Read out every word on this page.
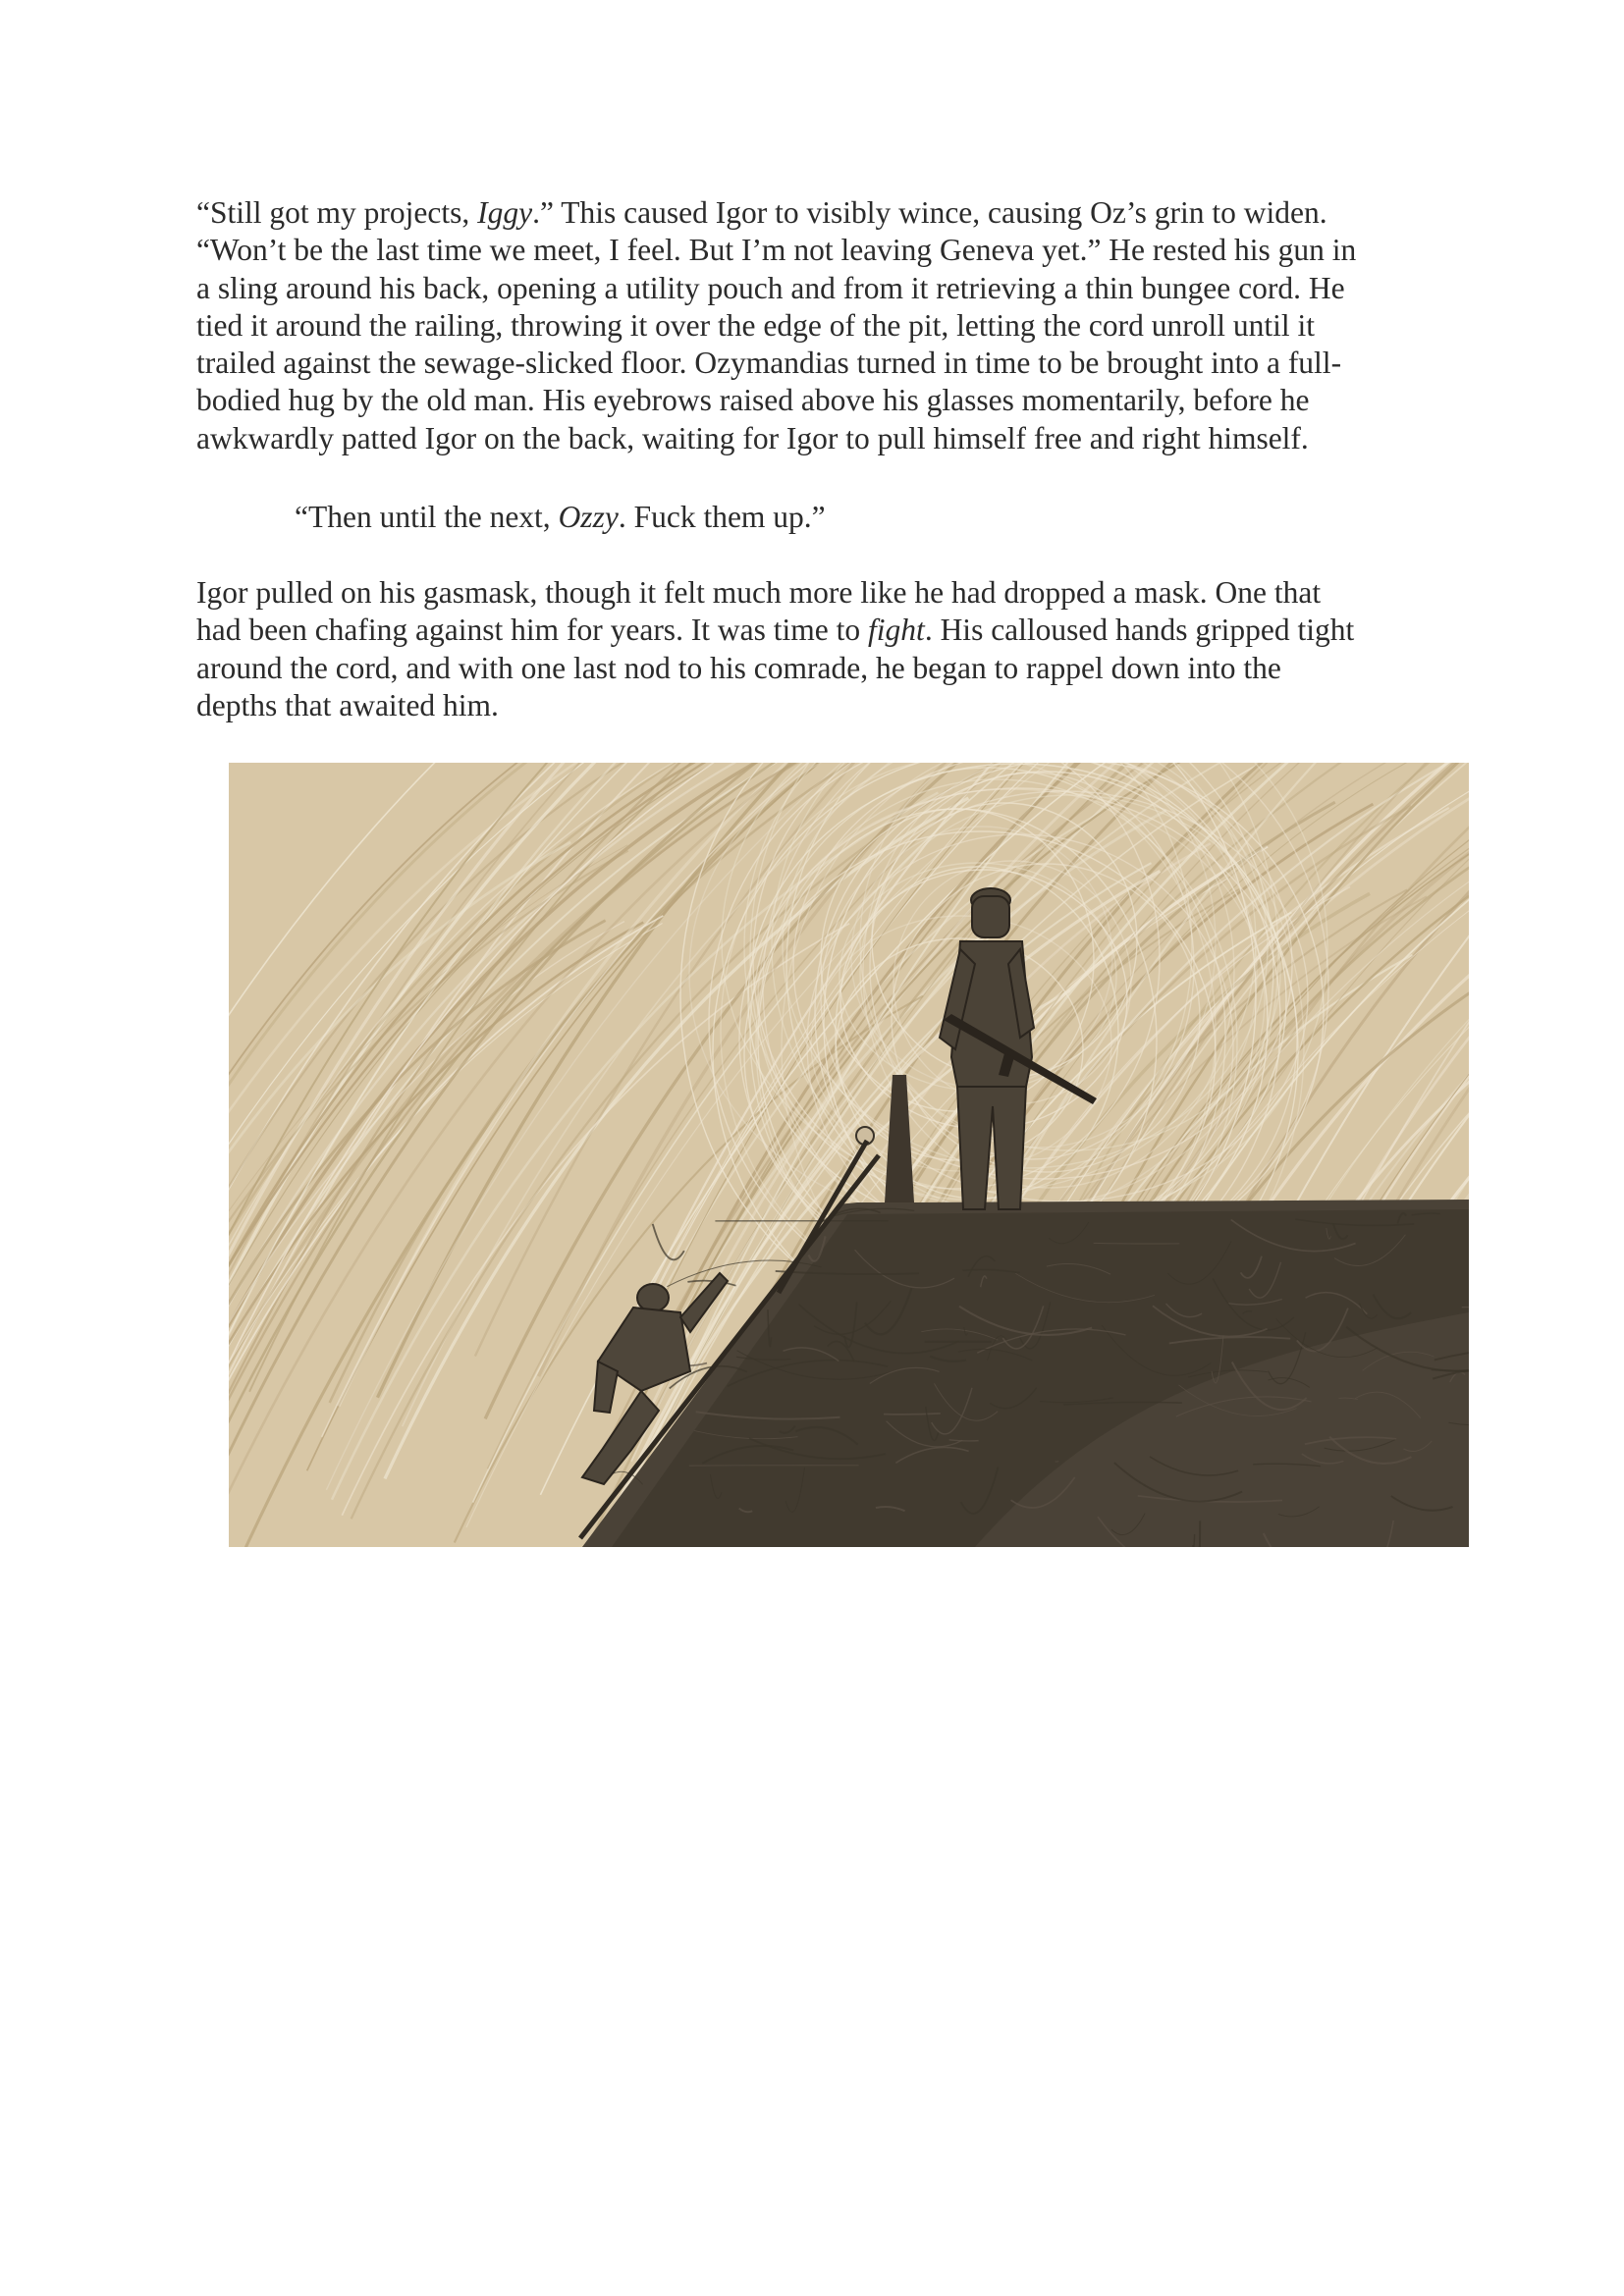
“Still got my projects, Iggy.” This caused Igor to visibly wince, causing Oz’s grin to widen.
“Won’t be the last time we meet, I feel. But I’m not leaving Geneva yet.” He rested his gun in
a sling around his back, opening a utility pouch and from it retrieving a thin bungee cord. He
tied it around the railing, throwing it over the edge of the pit, letting the cord unroll until it
trailed against the sewage-slicked floor. Ozymandias turned in time to be brought into a full-
bodied hug by the old man. His eyebrows raised above his glasses momentarily, before he
awkwardly patted Igor on the back, waiting for Igor to pull himself free and right himself.
“Then until the next, Ozzy. Fuck them up.”
Igor pulled on his gasmask, though it felt much more like he had dropped a mask. One that
had been chafing against him for years. It was time to fight. His calloused hands gripped tight
around the cord, and with one last nod to his comrade, he began to rappel down into the
depths that awaited him.
